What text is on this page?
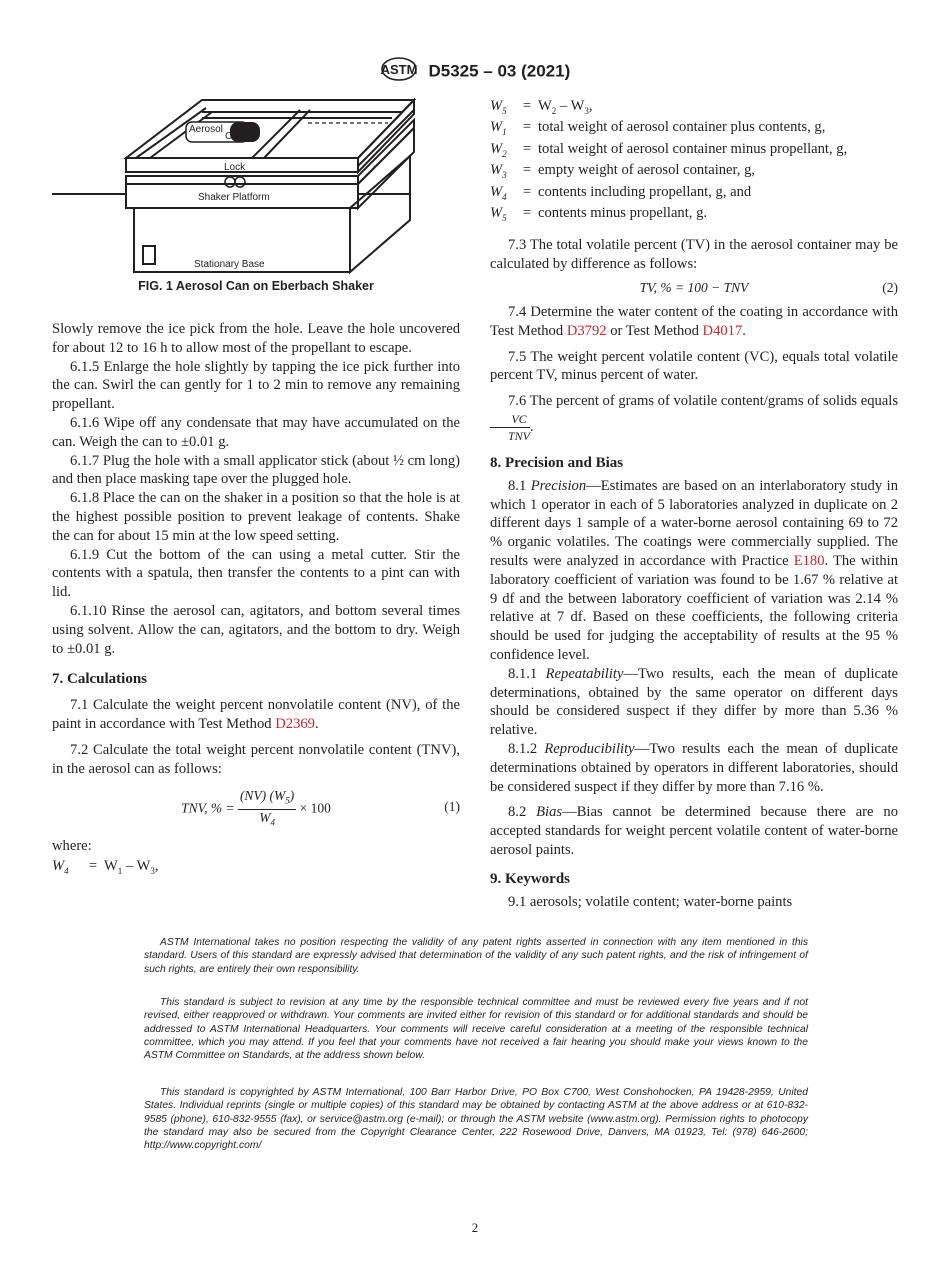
ASTM D5325 – 03 (2021)
Aerosol
Can
Lock
Shaker Platform
Stationary Base
FIG. 1 Aerosol Can on Eberbach Shaker

Slowly remove the ice pick from the hole. Leave the hole uncovered for about 12 to 16 h to allow most of the propellant to escape.

6.1.5 Enlarge the hole slightly by tapping the ice pick further into the can. Swirl the can gently for 1 to 2 min to remove any remaining propellant.

6.1.6 Wipe off any condensate that may have accumulated on the can. Weigh the can to ±0.01 g.

6.1.7 Plug the hole with a small applicator stick (about ½ cm long) and then place masking tape over the plugged hole.

6.1.8 Place the can on the shaker in a position so that the hole is at the highest possible position to prevent leakage of contents. Shake the can for about 15 min at the low speed setting.

6.1.9 Cut the bottom of the can using a metal cutter. Stir the contents with a spatula, then transfer the contents to a pint can with lid.

6.1.10 Rinse the aerosol can, agitators, and bottom several times using solvent. Allow the can, agitators, and the bottom to dry. Weigh to ±0.01 g.

7. Calculations

7.1 Calculate the weight percent nonvolatile content (NV), of the paint in accordance with Test Method D2369.

7.2 Calculate the total weight percent nonvolatile content (TNV), in the aerosol can as follows:

TNV, % = $\frac{(NV) (W_5)}{W_4} \times 100$	(1)

where:

$W_4$	= $W_1 - W_3$,
$W_5$	= $W_2 - W_3$,
$W_1$	= total weight of aerosol container plus contents, g,
$W_2$	= total weight of aerosol container minus propellant, g,
$W_3$	= empty weight of aerosol container, g,
$W_4$	= contents including propellant, g, and
$W_5$	= contents minus propellant, g.

7.3 The total volatile percent (TV) in the aerosol container may be calculated by difference as follows:

TV, % = 100 − TNV	(2)

7.4 Determine the water content of the coating in accordance with Test Method D3792 or Test Method D4017.

7.5 The weight percent volatile content (VC), equals total volatile percent TV, minus percent of water.

7.6 The percent of grams of volatile content/grams of solids equals
$\frac{VC}{\text{TNV}}$ .

8. Precision and Bias

8.1 Precision—Estimates are based on an interlaboratory study in which 1 operator in each of 5 laboratories analyzed in duplicate on 2 different days 1 sample of a water-borne aerosol containing 69 to 72 % organic volatiles. The coatings were commercially supplied. The results were analyzed in accordance with Practice E180. The within laboratory coefficient of variation was found to be 1.67 % relative at 9 df and the between laboratory coefficient of variation was 2.14 % relative at 7 df. Based on these coefficients, the following criteria should be used for judging the acceptability of results at the 95 % confidence level.

8.1.1 Repeatability—Two results, each the mean of duplicate determinations, obtained by the same operator on different days should be considered suspect if they differ by more than 5.36 % relative.

8.1.2 Reproducibility—Two results each the mean of duplicate determinations obtained by operators in different laboratories, should be considered suspect if they differ by more than 7.16 %.

8.2 Bias—Bias cannot be determined because there are no accepted standards for weight percent volatile content of water-borne aerosol paints.

9. Keywords

9.1 aerosols; volatile content; water-borne paints

ASTM International takes no position respecting the validity of any patent rights asserted in connection with any item mentioned in this standard. Users of this standard are expressly advised that determination of the validity of any such patent rights, and the risk of infringement of such rights, are entirely their own responsibility.

This standard is subject to revision at any time by the responsible technical committee and must be reviewed every five years and if not revised, either reapproved or withdrawn. Your comments are invited either for revision of this standard or for additional standards and should be addressed to ASTM International Headquarters. Your comments will receive careful consideration at a meeting of the responsible technical committee, which you may attend. If you feel that your comments have not received a fair hearing you should make your views known to the ASTM Committee on Standards, at the address shown below.

This standard is copyrighted by ASTM International, 100 Barr Harbor Drive, PO Box C700, West Conshohocken, PA 19428-2959, United States. Individual reprints (single or multiple copies) of this standard may be obtained by contacting ASTM at the above address or at 610-832-9585 (phone), 610-832-9555 (fax), or service@astm.org (e-mail); or through the ASTM website (www.astm.org). Permission rights to photocopy the standard may also be secured from the Copyright Clearance Center, 222 Rosewood Drive, Danvers, MA 01923, Tel: (978) 646-2600; http://www.copyright.com/

2
